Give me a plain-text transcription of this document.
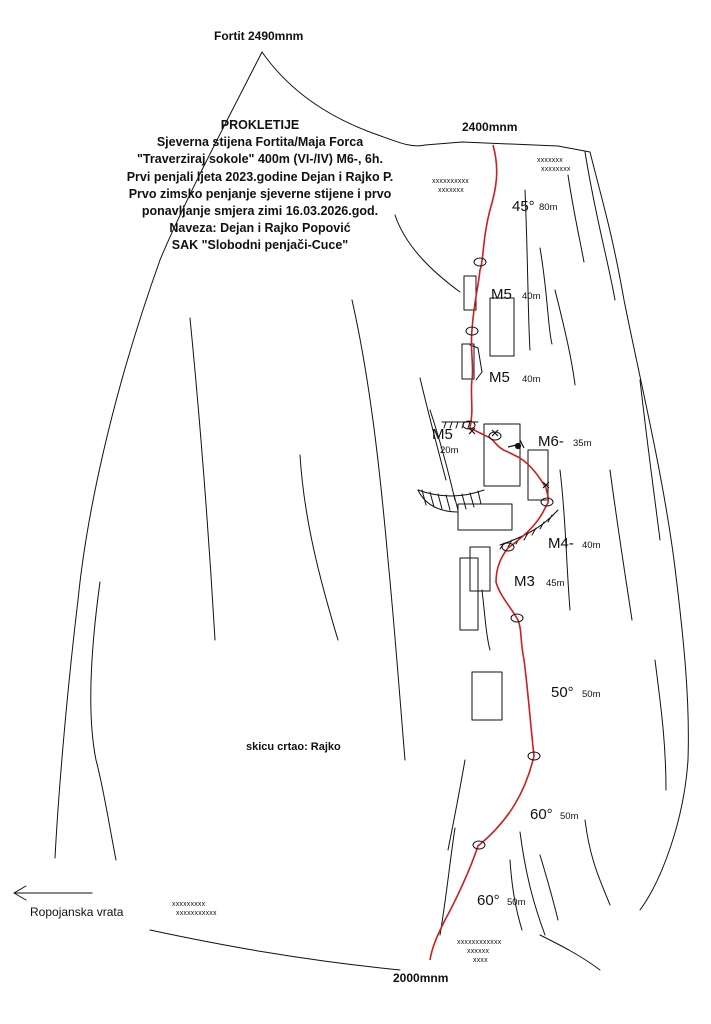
Fortit 2490mnm
2400mnm
2000mnm
PROKLETIJE
Sjeverna stijena Fortita/Maja Forca
"Traverziraj sokole" 400m (VI-/IV) M6-, 6h.
Prvi penjali ljeta 2023.godine Dejan i Rajko P.
Prvo zimsko penjanje sjeverne stijene i prvo
ponavljanje smjera zimi 16.03.2026.god.
Naveza: Dejan i Rajko Popović
SAK "Slobodni penjači-Cuce"
45° 80m
M5 40m
M5 40m
M5
20m
M6- 35m
M4- 40m
M3 45m
50° 50m
60° 50m
60° 50m
skicu crtao: Rajko
Ropojanska vrata
xxxxxxxxxx
xxxxxxx
xxxxxxx
xxxxxxxx
xxxxxxxxx
xxxxxxxxxxx
xxxxxxxxxxxx
xxxxxx
xxxx
